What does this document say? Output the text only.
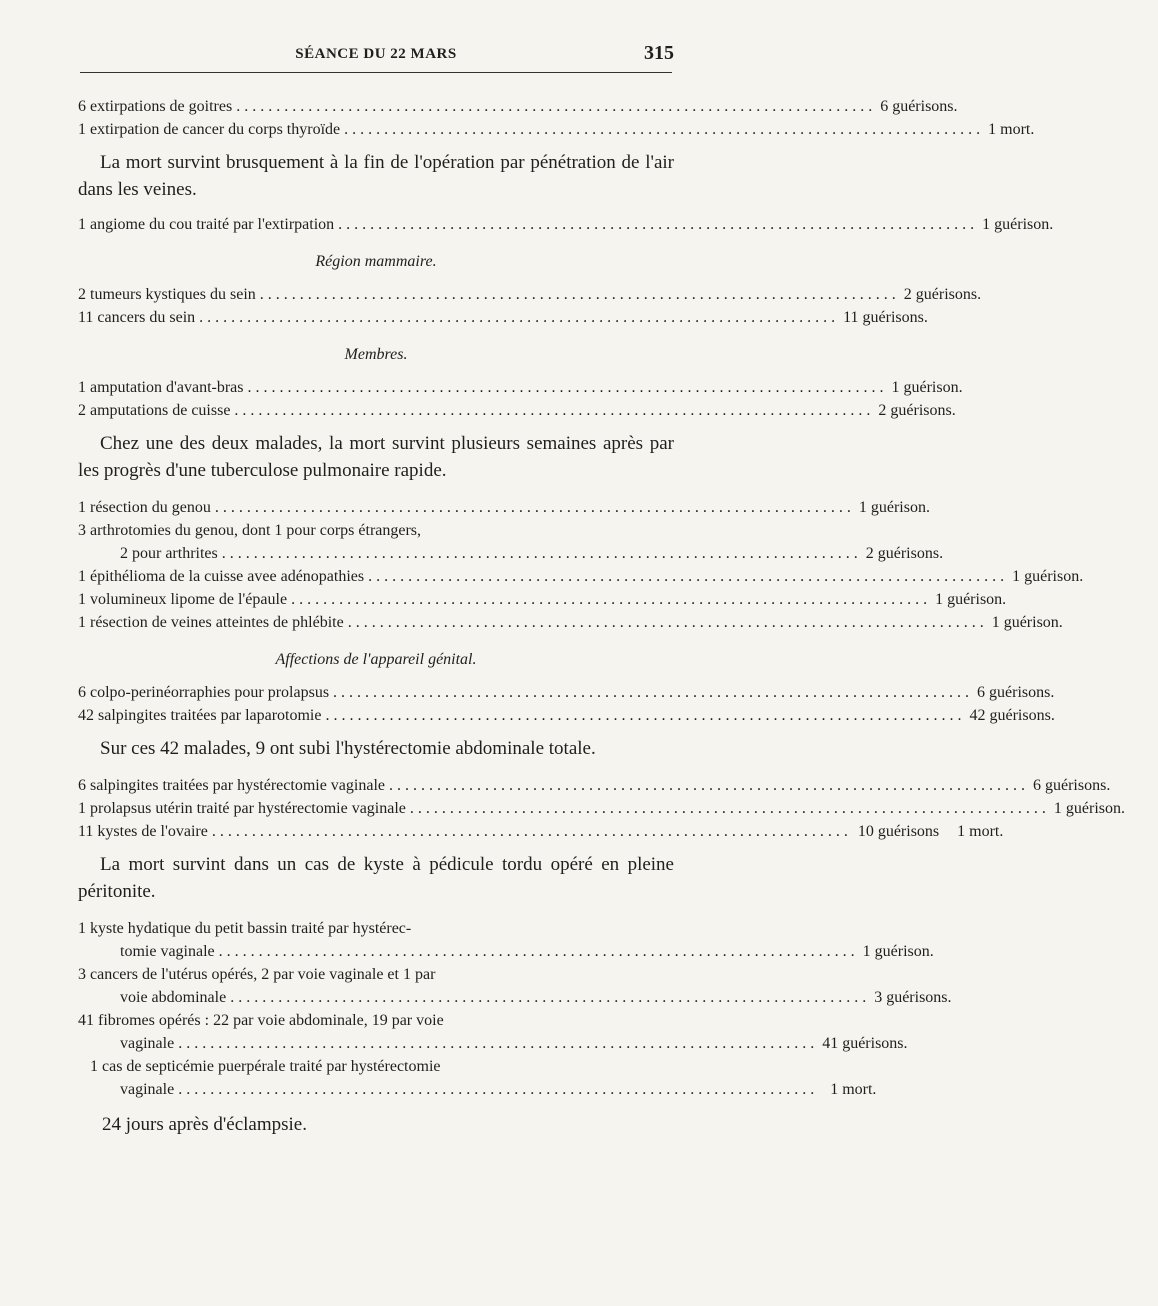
SÉANCE DU 22 MARS	315
6 extirpations de goitres ................................................................................ 6 guérisons.
1 extirpation de cancer du corps thyroïde ................................................................................ 1 mort.

La mort survint brusquement à la fin de l'opération par pénétration de l'air dans les veines.

1 angiome du cou traité par l'extirpation ................................................................................ 1 guérison.
Région mammaire.
2 tumeurs kystiques du sein ................................................................................ 2 guérisons.
11 cancers du sein ................................................................................ 11 guérisons.
Membres.
1 amputation d'avant-bras ................................................................................ 1 guérison.
2 amputations de cuisse ................................................................................ 2 guérisons.

Chez une des deux malades, la mort survint plusieurs semaines après par les progrès d'une tuberculose pulmonaire rapide.

1 résection du genou ................................................................................ 1 guérison.
3 arthrotomies du genou, dont 1 pour corps étrangers,
2 pour arthrites ................................................................................ 2 guérisons.
1 épithélioma de la cuisse avee adénopathies ................................................................................ 1 guérison.
1 volumineux lipome de l'épaule ................................................................................ 1 guérison.
1 résection de veines atteintes de phlébite ................................................................................ 1 guérison.
Affections de l'appareil génital.
6 colpo-perinéorraphies pour prolapsus ................................................................................ 6 guérisons.
42 salpingites traitées par laparotomie ................................................................................ 42 guérisons.

Sur ces 42 malades, 9 ont subi l'hystérectomie abdominale totale.

6 salpingites traitées par hystérectomie vaginale ................................................................................ 6 guérisons.
1 prolapsus utérin traité par hystérectomie vaginale ................................................................................ 1 guérison.
11 kystes de l'ovaire ................................................................................ 10 guérisons	1 mort.

La mort survint dans un cas de kyste à pédicule tordu opéré en pleine péritonite.

1 kyste hydatique du petit bassin traité par hystérec-
tomie vaginale ................................................................................ 1 guérison.
3 cancers de l'utérus opérés, 2 par voie vaginale et 1 par
voie abdominale ................................................................................ 3 guérisons.
41 fibromes opérés : 22 par voie abdominale, 19 par voie
vaginale ................................................................................ 41 guérisons.
1 cas de septicémie puerpérale traité par hystérectomie
vaginale ................................................................................ 1 mort.
24 jours après d'éclampsie.
